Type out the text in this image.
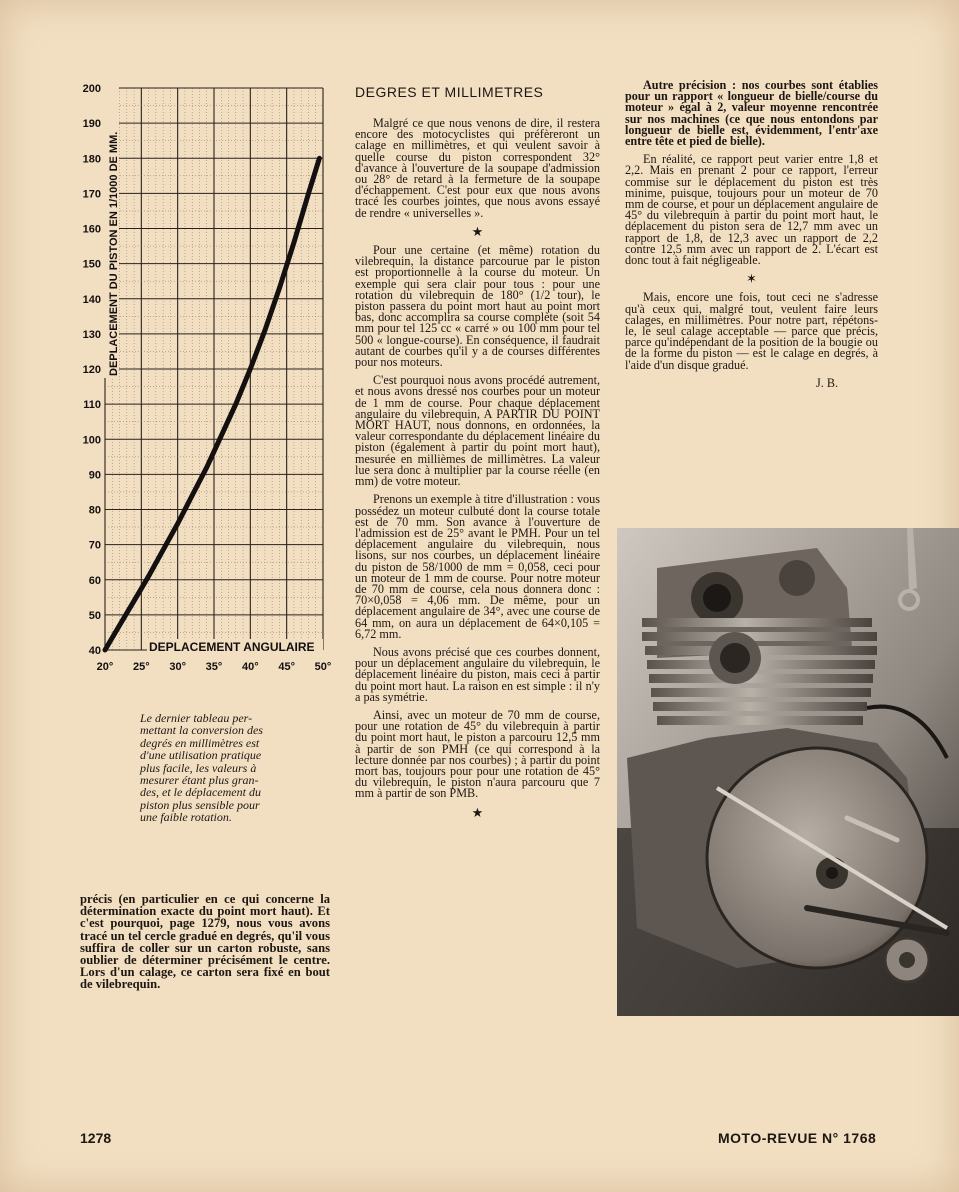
40
50
60
70
80
90
100
110
120
130
140
150
160
170
180
190
200
20° 25° 30° 35° 40° 45° 50°
DEPLACEMENT DU PISTON EN 1/1000 DE MM.
DEPLACEMENT ANGULAIRE
Le dernier tableau per-
mettant la conversion des
degrés en millimètres est
d'une utilisation pratique
plus facile, les valeurs à
mesurer étant plus gran-
des, et le déplacement du
piston plus sensible pour
une faible rotation.

précis (en particulier en ce qui concerne la détermination exacte du point mort haut). Et c'est pourquoi, page 1279, nous vous avons tracé un tel cercle gradué en degrés, qu'il vous suffira de coller sur un carton robuste, sans oublier de déterminer précisément le centre. Lors d'un calage, ce carton sera fixé en bout de vilebrequin.

DEGRES ET MILLIMETRES

Malgré ce que nous venons de dire, il restera encore des motocyclistes qui préfèreront un calage en millimètres, et qui veulent savoir à quelle course du piston correspondent 32° d'avance à l'ouverture de la soupape d'admission ou 28° de retard à la fermeture de la soupape d'échappement. C'est pour eux que nous avons tracé les courbes jointes, que nous avons essayé de rendre « universelles ».

★

Pour une certaine (et même) rotation du vilebrequin, la distance parcourue par le piston est proportionnelle à la course du moteur. Un exemple qui sera clair pour tous : pour une rotation du vilebrequin de 180° (1/2 tour), le piston passera du point mort haut au point mort bas, donc accomplira sa course complète (soit 54 mm pour tel 125 cc « carré » ou 100 mm pour tel 500 « longue-course). En conséquence, il faudrait autant de courbes qu'il y a de courses différentes pour nos moteurs.

C'est pourquoi nous avons procédé autrement, et nous avons dressé nos courbes pour un moteur de 1 mm de course. Pour chaque déplacement angulaire du vilebrequin, A PARTIR DU POINT MORT HAUT, nous donnons, en ordonnées, la valeur correspondante du déplacement linéaire du piston (également à partir du point mort haut), mesurée en millièmes de millimètres. La valeur lue sera donc à multiplier par la course réelle (en mm) de votre moteur.

Prenons un exemple à titre d'illustration : vous possédez un moteur culbuté dont la course totale est de 70 mm. Son avance à l'ouverture de l'admission est de 25° avant le PMH. Pour un tel déplacement angulaire du vilebrequin, nous lisons, sur nos courbes, un déplacement linéaire du piston de 58/1000 de mm = 0,058, ceci pour un moteur de 1 mm de course. Pour notre moteur de 70 mm de course, cela nous donnera donc : 70×0,058 = 4,06 mm. De même, pour un déplacement angulaire de 34°, avec une course de 64 mm, on aura un déplacement de 64×0,105 = 6,72 mm.

Nous avons précisé que ces courbes donnent, pour un déplacement angulaire du vilebrequin, le déplacement linéaire du piston, mais ceci à partir du point mort haut. La raison en est simple : il n'y a pas symétrie.

Ainsi, avec un moteur de 70 mm de course, pour une rotation de 45° du vilebrequin à partir du point mort haut, le piston a parcouru 12,5 mm à partir de son PMH (ce qui correspond à la lecture donnée par nos courbes) ; à partir du point mort bas, toujours pour pour une rotation de 45° du vilebrequin, le piston n'aura parcouru que 7 mm à partir de son PMB.

★

Autre précision : nos courbes sont établies pour un rapport « longueur de bielle/course du moteur » égal à 2, valeur moyenne rencontrée sur nos machines (ce que nous entondons par longueur de bielle est, évidemment, l'entr'axe entre tête et pied de bielle).

En réalité, ce rapport peut varier entre 1,8 et 2,2. Mais en prenant 2 pour ce rapport, l'erreur commise sur le déplacement du piston est très minime, puisque, toujours pour un moteur de 70 mm de course, et pour un déplacement angulaire de 45° du vilebrequin à partir du point mort haut, le déplacement du piston sera de 12,7 mm avec un rapport de 1,8, de 12,3 avec un rapport de 2,2 contre 12,5 mm avec un rapport de 2. L'écart est donc tout à fait négligeable.

✶

Mais, encore une fois, tout ceci ne s'adresse qu'à ceux qui, malgré tout, veulent faire leurs calages, en millimètres. Pour notre part, répétons-le, le seul calage acceptable — parce que précis, parce qu'indépendant de la position de la bougie ou de la forme du piston — est le calage en degrés, à l'aide d'un disque gradué.

J. B.
1278	MOTO-REVUE N° 1768
